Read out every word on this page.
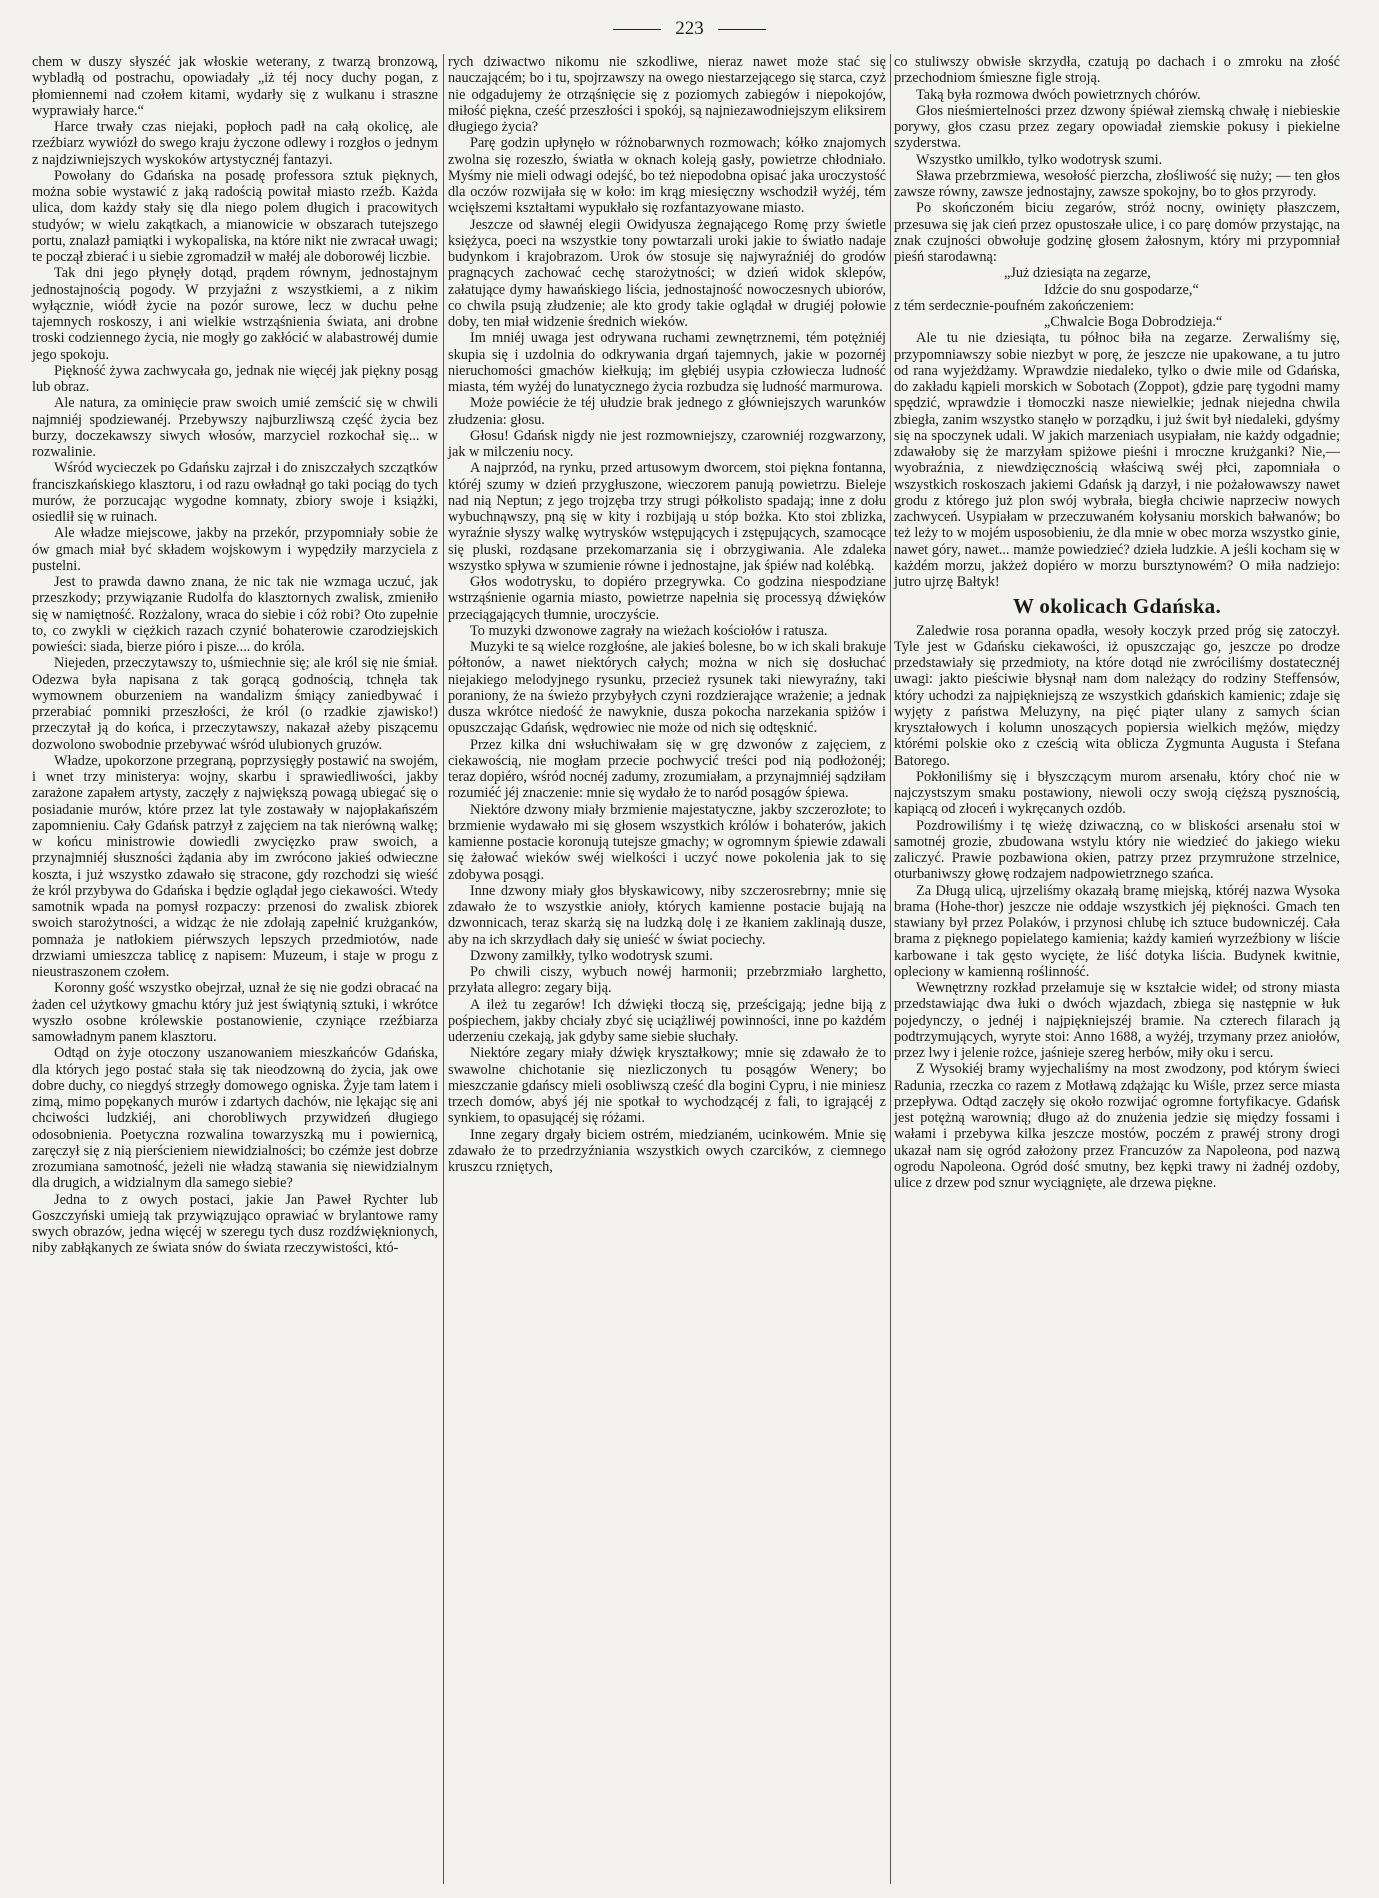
223

chem w duszy słyszéć jak włoskie weterany, z twarzą bronzową, wybladłą od postrachu, opowiadały „iż téj nocy duchy pogan, z płomiennemi nad czołem kitami, wydarły się z wulkanu i straszne wyprawiały harce.“

Harce trwały czas niejaki, popłoch padł na całą okolicę, ale rzeźbiarz wywiózł do swego kraju życzone odlewy i rozgłos o jednym z najdziwniejszych wyskoków artystycznéj fantazyi.

Powołany do Gdańska na posadę professora sztuk pięknych, można sobie wystawić z jaką radością powitał miasto rzeźb. Każda ulica, dom każdy stały się dla niego polem długich i pracowitych studyów; w wielu zakątkach, a mianowicie w obszarach tutejszego portu, znalazł pamiątki i wykopaliska, na które nikt nie zwracał uwagi; te począł zbierać i u siebie zgromadził w małéj ale doborowéj liczbie.

Tak dni jego płynęły dotąd, prądem równym, jednostajnym jednostajnością pogody. W przyjaźni z wszystkiemi, a z nikim wyłącznie, wiódł życie na pozór surowe, lecz w duchu pełne tajemnych roskoszy, i ani wielkie wstrząśnienia świata, ani drobne troski codziennego życia, nie mogły go zakłócić w alabastrowéj dumie jego spokoju.

Piękność żywa zachwycała go, jednak nie więcéj jak piękny posąg lub obraz.

Ale natura, za ominięcie praw swoich umié zemścić się w chwili najmniéj spodziewanéj. Przebywszy najburzliwszą część życia bez burzy, doczekawszy siwych włosów, marzyciel rozkochał się... w rozwalinie.

Wśród wycieczek po Gdańsku zajrzał i do zniszczałych szczątków franciszkańskiego klasztoru, i od razu owładnął go taki pociąg do tych murów, że porzucając wygodne komnaty, zbiory swoje i książki, osiedlił się w ruinach.

Ale władze miejscowe, jakby na przekór, przypomniały sobie że ów gmach miał być składem wojskowym i wypędziły marzyciela z pustelni.

Jest to prawda dawno znana, że nic tak nie wzmaga uczuć, jak przeszkody; przywiązanie Rudolfa do klasztornych zwalisk, zmieniło się w namiętność. Rozżalony, wraca do siebie i cóż robi? Oto zupełnie to, co zwykli w ciężkich razach czynić bohaterowie czarodziejskich powieści: siada, bierze pióro i pisze.... do króla.

Niejeden, przeczytawszy to, uśmiechnie się; ale król się nie śmiał. Odezwa była napisana z tak gorącą godnością, tchnęła tak wymownem oburzeniem na wandalizm śmiący zaniedbywać i przerabiać pomniki przeszłości, że król (o rzadkie zjawisko!) przeczytał ją do końca, i przeczytawszy, nakazał ażeby piszącemu dozwolono swobodnie przebywać wśród ulubionych gruzów.

Władze, upokorzone przegraną, poprzysięgły postawić na swojém, i wnet trzy ministerya: wojny, skarbu i sprawiedliwości, jakby zarażone zapałem artysty, zaczęły z największą powagą ubiegać się o posiadanie murów, które przez lat tyle zostawały w najopłakańszém zapomnieniu. Cały Gdańsk patrzył z zajęciem na tak nierówną walkę; w końcu ministrowie dowiedli zwycięzko praw swoich, a przynajmniéj słuszności żądania aby im zwrócono jakieś odwieczne koszta, i już wszystko zdawało się stracone, gdy rozchodzi się wieść że król przybywa do Gdańska i będzie oglądał jego ciekawości. Wtedy samotnik wpada na pomysł rozpaczy: przenosi do zwalisk zbiorek swoich starożytności, a widząc że nie zdołają zapełnić krużganków, pomnaża je natłokiem piérwszych lepszych przedmiotów, nade drzwiami umieszcza tablicę z napisem: Muzeum, i staje w progu z nieustraszonem czołem.

Koronny gość wszystko obejrzał, uznał że się nie godzi obracać na żaden cel użytkowy gmachu który już jest świątynią sztuki, i wkrótce wyszło osobne królewskie postanowienie, czyniące rzeźbiarza samowładnym panem klasztoru.

Odtąd on żyje otoczony uszanowaniem mieszkańców Gdańska, dla których jego postać stała się tak nieodzowną do życia, jak owe dobre duchy, co niegdyś strzegły domowego ogniska. Żyje tam latem i zimą, mimo popękanych murów i zdartych dachów, nie lękając się ani chciwości ludzkiéj, ani chorobliwych przywidzeń długiego odosobnienia. Poetyczna rozwalina towarzyszką mu i powiernicą, zaręczył się z nią pierścieniem niewidzialności; bo czémże jest dobrze zrozumiana samotność, jeżeli nie władzą stawania się niewidzialnym dla drugich, a widzialnym dla samego siebie?

Jedna to z owych postaci, jakie Jan Paweł Rychter lub Goszczyński umieją tak przywiązująco oprawiać w brylantowe ramy swych obrazów, jedna więcéj w szeregu tych dusz rozdźwięknionych, niby zabłąkanych ze świata snów do świata rzeczywistości, któ-

rych dziwactwo nikomu nie szkodliwe, nieraz nawet może stać się nauczającém; bo i tu, spojrzawszy na owego niestarzejącego się starca, czyż nie odgadujemy że otrząśnięcie się z poziomych zabiegów i niepokojów, miłość piękna, cześć przeszłości i spokój, są najniezawodniejszym eliksirem długiego życia?

Parę godzin upłynęło w różnobarwnych rozmowach; kółko znajomych zwolna się rozeszło, światła w oknach koleją gasły, powietrze chłodniało. Myśmy nie mieli odwagi odejść, bo też niepodobna opisać jaka uroczystość dla oczów rozwijała się w koło: im krąg miesięczny wschodził wyżéj, tém wcięłszemi kształtami wypukłało się rozfantazyowane miasto.

Jeszcze od sławnéj elegii Owidyusza żegnającego Romę przy świetle księżyca, poeci na wszystkie tony powtarzali uroki jakie to światło nadaje budynkom i krajobrazom. Urok ów stosuje się najwyraźniéj do grodów pragnących zachować cechę starożytności; w dzień widok sklepów, załatujące dymy hawańskiego liścia, jednostajność nowoczesnych ubiorów, co chwila psują złudzenie; ale kto grody takie oglądał w drugiéj połowie doby, ten miał widzenie średnich wieków.

Im mniéj uwaga jest odrywana ruchami zewnętrznemi, tém potężniéj skupia się i uzdolnia do odkrywania drgań tajemnych, jakie w pozornéj nieruchomości gmachów kiełkują; im głębiéj usypia człowiecza ludność miasta, tém wyżéj do lunatycznego życia rozbudza się ludność marmurowa.

Może powiécie że téj ułudzie brak jednego z główniejszych warunków złudzenia: głosu.

Głosu! Gdańsk nigdy nie jest rozmowniejszy, czarowniéj rozgwarzony, jak w milczeniu nocy.

A najprzód, na rynku, przed artusowym dworcem, stoi piękna fontanna, któréj szumy w dzień przygłuszone, wieczorem panują powietrzu. Bieleje nad nią Neptun; z jego trojzęba trzy strugi półkolisto spadają; inne z dołu wybuchnąwszy, pną się w kity i rozbijają u stóp bożka. Kto stoi zblizka, wyraźnie słyszy walkę wytrysków wstępujących i zstępujących, szamocące się pluski, rozdąsane przekomarzania się i obrzygiwania. Ale zdaleka wszystko spływa w szumienie równe i jednostajne, jak śpiéw nad kolébką.

Głos wodotrysku, to dopiéro przegrywka. Co godzina niespodziane wstrząśnienie ogarnia miasto, powietrze napełnia się processyą dźwięków przeciągających tłumnie, uroczyście.

To muzyki dzwonowe zagrały na wieżach kościołów i ratusza.

Muzyki te są wielce rozgłośne, ale jakieś bolesne, bo w ich skali brakuje półtonów, a nawet niektórych całych; można w nich się dosłuchać niejakiego melodyjnego rysunku, przecież rysunek taki niewyraźny, taki poraniony, że na świeżo przybyłych czyni rozdzierające wrażenie; a jednak dusza wkrótce niedość że nawyknie, dusza pokocha narzekania spiżów i opuszczając Gdańsk, wędrowiec nie może od nich się odtęsknić.

Przez kilka dni wsłuchiwałam się w grę dzwonów z zajęciem, z ciekawością, nie mogłam przecie pochwycić treści pod nią podłożonéj; teraz dopiéro, wśród nocnéj zadumy, zrozumiałam, a przynajmniéj sądziłam rozumiéć jéj znaczenie: mnie się wydało że to naród posągów śpiewa.

Niektóre dzwony miały brzmienie majestatyczne, jakby szczerozłote; to brzmienie wydawało mi się głosem wszystkich królów i bohaterów, jakich kamienne postacie koronują tutejsze gmachy; w ogromnym śpiewie zdawali się żałować wieków swéj wielkości i uczyć nowe pokolenia jak to się zdobywa posągi.

Inne dzwony miały głos błyskawicowy, niby szczerosrebrny; mnie się zdawało że to wszystkie anioły, których kamienne postacie bujają na dzwonnicach, teraz skarżą się na ludzką dolę i ze łkaniem zaklinają dusze, aby na ich skrzydłach dały się unieść w świat pociechy.

Dzwony zamilkły, tylko wodotrysk szumi.

Po chwili ciszy, wybuch nowéj harmonii; przebrzmiało larghetto, przyłata allegro: zegary biją.

A ileż tu zegarów! Ich dźwięki tłoczą się, prześcigają; jedne biją z pośpiechem, jakby chciały zbyć się uciążliwéj powinności, inne po każdém uderzeniu czekają, jak gdyby same siebie słuchały.

Niektóre zegary miały dźwięk kryształkowy; mnie się zdawało że to swawolne chichotanie się niezliczonych tu posągów Wenery; bo mieszczanie gdańscy mieli osobliwszą cześć dla bogini Cypru, i nie miniesz trzech domów, abyś jéj nie spotkał to wychodzącéj z fali, to igrającéj z synkiem, to opasującéj się różami.

Inne zegary drgały biciem ostrém, miedzianém, ucinkowém. Mnie się zdawało że to przedrzyźniania wszystkich owych czarcików, z ciemnego kruszcu rzniętych,

co stuliwszy obwisłe skrzydła, czatują po dachach i o zmroku na złość przechodniom śmieszne figle stroją.

Taką była rozmowa dwóch powietrznych chórów.

Głos nieśmiertelności przez dzwony śpiéwał ziemską chwałę i niebieskie porywy, głos czasu przez zegary opowiadał ziemskie pokusy i piekielne szyderstwa.

Wszystko umilkło, tylko wodotrysk szumi.

Sława przebrzmiewa, wesołość pierzcha, złośliwość się nuży; — ten głos zawsze równy, zawsze jednostajny, zawsze spokojny, bo to głos przyrody.

Po skończoném biciu zegarów, stróż nocny, owinięty płaszczem, przesuwa się jak cień przez opustoszałe ulice, i co parę domów przystając, na znak czujności obwołuje godzinę głosem żałosnym, który mi przypomniał pieśń starodawną:

„Już dziesiąta na zegarze,

Idźcie do snu gospodarze,“

z tém serdecznie-poufném zakończeniem:

„Chwalcie Boga Dobrodzieja.“

Ale tu nie dziesiąta, tu północ biła na zegarze. Zerwaliśmy się, przypomniawszy sobie niezbyt w porę, że jeszcze nie upakowane, a tu jutro od rana wyjeżdżamy. Wprawdzie niedaleko, tylko o dwie mile od Gdańska, do zakładu kąpieli morskich w Sobotach (Zoppot), gdzie parę tygodni mamy spędzić, wprawdzie i tłomoczki nasze niewielkie; jednak niejedna chwila zbiegła, zanim wszystko stanęło w porządku, i już świt był niedaleki, gdyśmy się na spoczynek udali. W jakich marzeniach usypiałam, nie każdy odgadnie; zdawałoby się że marzyłam spiżowe pieśni i mroczne krużganki? Nie,—wyobraźnia, z niewdzięcznością właściwą swéj płci, zapomniała o wszystkich roskoszach jakiemi Gdańsk ją darzył, i nie pożałowawszy nawet grodu z którego już plon swój wybrała, biegła chciwie naprzeciw nowych zachwyceń. Usypiałam w przeczuwaném kołysaniu morskich bałwanów; bo też leży to w mojém usposobieniu, że dla mnie w obec morza wszystko ginie, nawet góry, nawet... mamże powiedzieć? dzieła ludzkie. A jeśli kocham się w każdém morzu, jakżeż dopiéro w morzu bursztynowém? O miła nadziejo: jutro ujrzę Bałtyk!

W okolicach Gdańska.

Zaledwie rosa poranna opadła, wesoły koczyk przed próg się zatoczył. Tyle jest w Gdańsku ciekawości, iż opuszczając go, jeszcze po drodze przedstawiały się przedmioty, na które dotąd nie zwróciliśmy dostatecznéj uwagi: jakto pieściwie błysnął nam dom należący do rodziny Steffensów, który uchodzi za najpiękniejszą ze wszystkich gdańskich kamienic; zdaje się wyjęty z państwa Meluzyny, na pięć piąter ulany z samych ścian kryształowych i kolumn unoszących popiersia wielkich mężów, między którémi polskie oko z cześcią wita oblicza Zygmunta Augusta i Stefana Batorego.

Pokłoniliśmy się i błyszczącym murom arsenału, który choć nie w najczystszym smaku postawiony, niewoli oczy swoją cięższą pysznością, kapiącą od złoceń i wykręcanych ozdób.

Pozdrowiliśmy i tę wieżę dziwaczną, co w bliskości arsenału stoi w samotnéj grozie, zbudowana wstylu który nie wiedzieć do jakiego wieku zaliczyć. Prawie pozbawiona okien, patrzy przez przymrużone strzelnice, oturbaniwszy głowę rodzajem nadpowietrznego szańca.

Za Długą ulicą, ujrzeliśmy okazałą bramę miejską, któréj nazwa Wysoka brama (Hohe-thor) jeszcze nie oddaje wszystkich jéj piękności. Gmach ten stawiany był przez Polaków, i przynosi chlubę ich sztuce budowniczéj. Cała brama z pięknego popielatego kamienia; każdy kamień wyrzeźbiony w liście karbowane i tak gęsto wycięte, że liść dotyka liścia. Budynek kwitnie, opleciony w kamienną roślinność.

Wewnętrzny rozkład przełamuje się w kształcie wideł; od strony miasta przedstawiając dwa łuki o dwóch wjazdach, zbiega się następnie w łuk pojedynczy, o jednéj i najpiękniejszéj bramie. Na czterech filarach ją podtrzymujących, wyryte stoi: Anno 1688, a wyżéj, trzymany przez aniołów, przez lwy i jelenie rożce, jaśnieje szereg herbów, miły oku i sercu.

Z Wysokiéj bramy wyjechaliśmy na most zwodzony, pod którym świeci Radunia, rzeczka co razem z Motławą zdążając ku Wiśle, przez serce miasta przepływa. Odtąd zaczęły się około rozwijać ogromne fortyfikacye. Gdańsk jest potężną warownią; długo aż do znużenia jedzie się między fossami i wałami i przebywa kilka jeszcze mostów, poczém z prawéj strony drogi ukazał nam się ogród założony przez Francuzów za Napoleona, pod nazwą ogrodu Napoleona. Ogród dość smutny, bez kępki trawy ni żadnéj ozdoby, ulice z drzew pod sznur wyciągnięte, ale drzewa piękne.
